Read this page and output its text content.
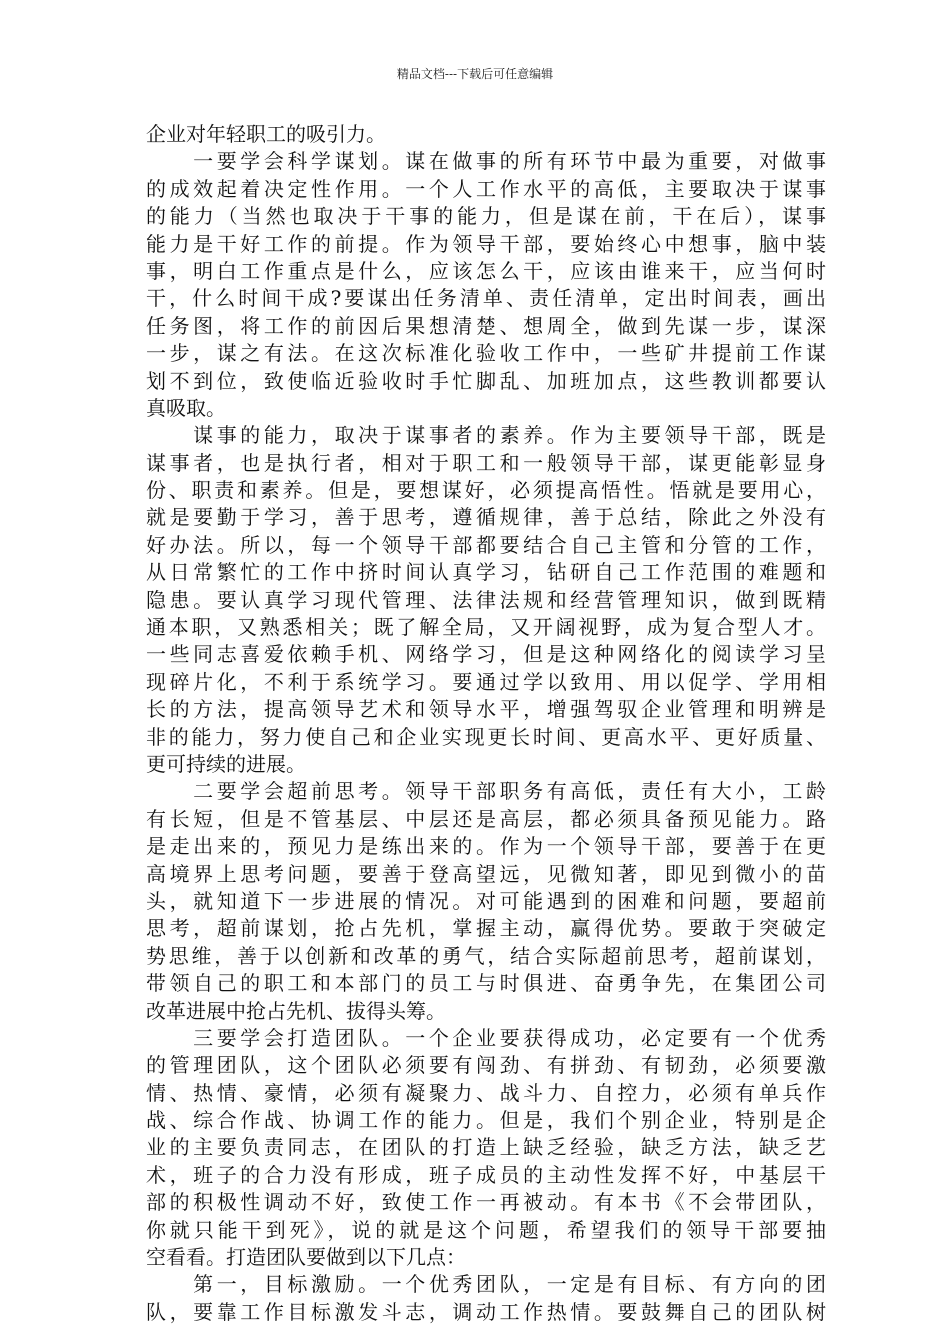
精品文档---下载后可任意编辑
企业对年轻职工的吸引力。
　　一要学会科学谋划。谋在做事的所有环节中最为重要，对做事
的成效起着决定性作用。一个人工作水平的高低，主要取决于谋事
的能力（当然也取决于干事的能力，但是谋在前，干在后），谋事
能力是干好工作的前提。作为领导干部，要始终心中想事，脑中装
事，明白工作重点是什么，应该怎么干，应该由谁来干，应当何时
干，什么时间干成?要谋出任务清单、责任清单，定出时间表，画出
任务图，将工作的前因后果想清楚、想周全，做到先谋一步，谋深
一步，谋之有法。在这次标准化验收工作中，一些矿井提前工作谋
划不到位，致使临近验收时手忙脚乱、加班加点，这些教训都要认
真吸取。
　　谋事的能力，取决于谋事者的素养。作为主要领导干部，既是
谋事者，也是执行者，相对于职工和一般领导干部，谋更能彰显身
份、职责和素养。但是，要想谋好，必须提高悟性。悟就是要用心，
就是要勤于学习，善于思考，遵循规律，善于总结，除此之外没有
好办法。所以，每一个领导干部都要结合自己主管和分管的工作，
从日常繁忙的工作中挤时间认真学习，钻研自己工作范围的难题和
隐患。要认真学习现代管理、法律法规和经营管理知识，做到既精
通本职，又熟悉相关；既了解全局，又开阔视野，成为复合型人才。
一些同志喜爱依赖手机、网络学习，但是这种网络化的阅读学习呈
现碎片化，不利于系统学习。要通过学以致用、用以促学、学用相
长的方法，提高领导艺术和领导水平，增强驾驭企业管理和明辨是
非的能力，努力使自己和企业实现更长时间、更高水平、更好质量、
更可持续的进展。
　　二要学会超前思考。领导干部职务有高低，责任有大小，工龄
有长短，但是不管基层、中层还是高层，都必须具备预见能力。路
是走出来的，预见力是练出来的。作为一个领导干部，要善于在更
高境界上思考问题，要善于登高望远，见微知著，即见到微小的苗
头，就知道下一步进展的情况。对可能遇到的困难和问题，要超前
思考，超前谋划，抢占先机，掌握主动，赢得优势。要敢于突破定
势思维，善于以创新和改革的勇气，结合实际超前思考，超前谋划，
带领自己的职工和本部门的员工与时俱进、奋勇争先，在集团公司
改革进展中抢占先机、拔得头筹。
　　三要学会打造团队。一个企业要获得成功，必定要有一个优秀
的管理团队，这个团队必须要有闯劲、有拼劲、有韧劲，必须要激
情、热情、豪情，必须有凝聚力、战斗力、自控力，必须有单兵作
战、综合作战、协调工作的能力。但是，我们个别企业，特别是企
业的主要负责同志，在团队的打造上缺乏经验，缺乏方法，缺乏艺
术，班子的合力没有形成，班子成员的主动性发挥不好，中基层干
部的积极性调动不好，致使工作一再被动。有本书《不会带团队，
你就只能干到死》，说的就是这个问题，希望我们的领导干部要抽
空看看。打造团队要做到以下几点：
　　第一，目标激励。一个优秀团队，一定是有目标、有方向的团
队，要靠工作目标激发斗志，调动工作热情。要鼓舞自己的团队树
